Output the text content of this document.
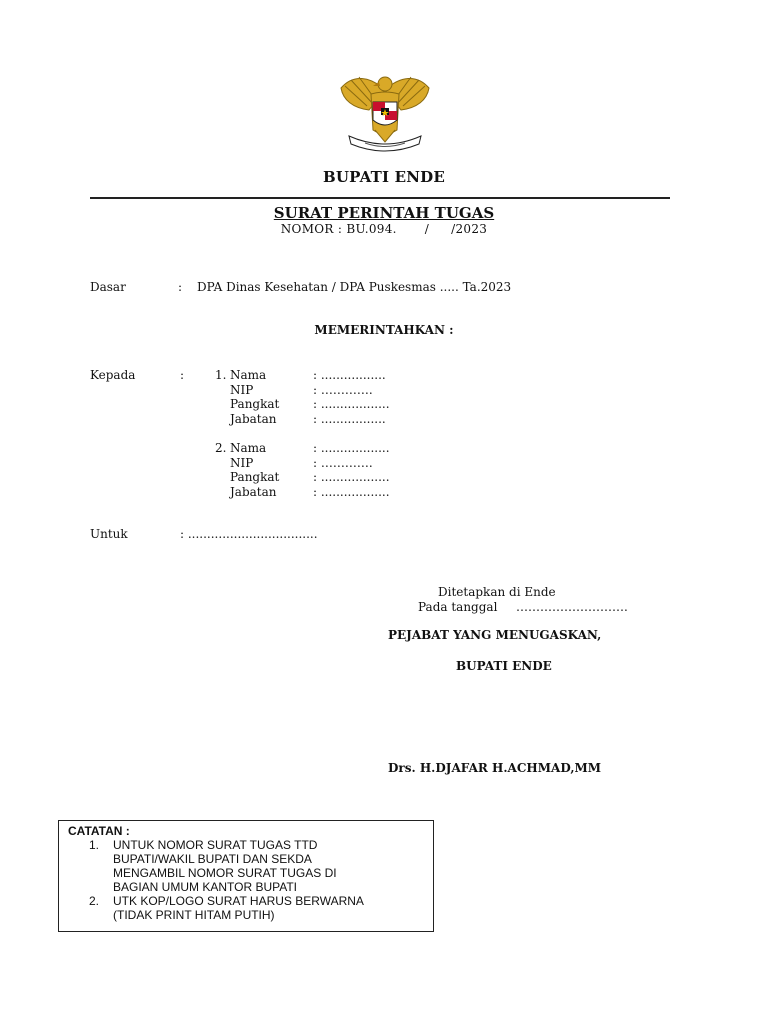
BUPATI ENDE
SURAT PERINTAH TUGAS
NOMOR : BU.094. / /2023
Dasar	: DPA Dinas Kesehatan / DPA Puskesmas ..... Ta.2023
MEMERINTAHKAN :
Kepada	:	1. Nama	: .................
NIP	: ………….
Pangkat	: ..................
Jabatan	: .................
2. Nama	: ..................
NIP	: ………….
Pangkat	: ..................
Jabatan	: ..................
Untuk	: ..................................
Ditetapkan di Ende
Pada tanggal ……………………….
PEJABAT YANG MENUGASKAN,
BUPATI ENDE
Drs. H.DJAFAR H.ACHMAD,MM
CATATAN :
1. UNTUK NOMOR SURAT TUGAS TTD
BUPATI/WAKIL BUPATI DAN SEKDA
MENGAMBIL NOMOR SURAT TUGAS DI
BAGIAN UMUM KANTOR BUPATI
2. UTK KOP/LOGO SURAT HARUS BERWARNA
(TIDAK PRINT HITAM PUTIH)
